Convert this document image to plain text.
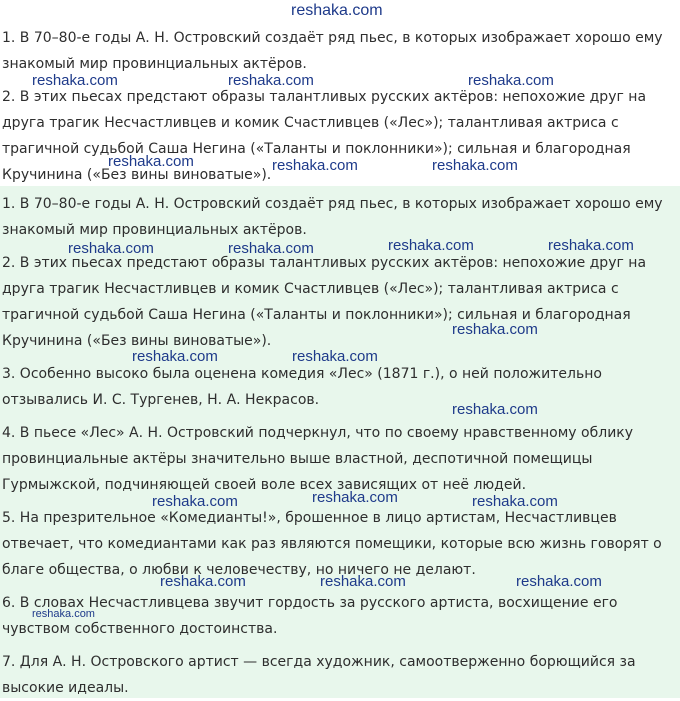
reshaka.com

1. В 70–80-е годы А. Н. Островский создаёт ряд пьес, в которых изображает хорошо ему знакомый мир провинциальных актёров.

2. В этих пьесах предстают образы талантливых русских актёров: непохожие друг на друга трагик Несчастливцев и комик Счастливцев («Лес»); талантливая актриса с трагичной судьбой Саша Негина («Таланты и поклонники»); сильная и благородная Кручинина («Без вины виноватые»).

1. В 70–80-е годы А. Н. Островский создаёт ряд пьес, в которых изображает хорошо ему знакомый мир провинциальных актёров.

2. В этих пьесах предстают образы талантливых русских актёров: непохожие друг на друга трагик Несчастливцев и комик Счастливцев («Лес»); талантливая актриса с трагичной судьбой Саша Негина («Таланты и поклонники»); сильная и благородная Кручинина («Без вины виноватые»).

3. Особенно высоко была оценена комедия «Лес» (1871 г.), о ней положительно отзывались И. С. Тургенев, Н. А. Некрасов.

4. В пьесе «Лес» А. Н. Островский подчеркнул, что по своему нравственному облику провинциальные актёры значительно выше властной, деспотичной помещицы Гурмыжской, подчиняющей своей воле всех зависящих от неё людей.

5. На презрительное «Комедианты!», брошенное в лицо артистам, Несчастливцев отвечает, что комедиантами как раз являются помещики, которые всю жизнь говорят о благе общества, о любви к человечеству, но ничего не делают.

6. В словах Несчастливцева звучит гордость за русского артиста, восхищение его чувством собственного достоинства.

7. Для А. Н. Островского артист — всегда художник, самоотверженно борющийся за высокие идеалы.

reshaka.com	reshaka.com	reshaka.com
reshaka.com	reshaka.com	reshaka.com
reshaka.com	reshaka.com	reshaka.com	reshaka.com
reshaka.com
reshaka.com	reshaka.com
reshaka.com
reshaka.com	reshaka.com	reshaka.com
reshaka.com	reshaka.com	reshaka.com
reshaka.com
